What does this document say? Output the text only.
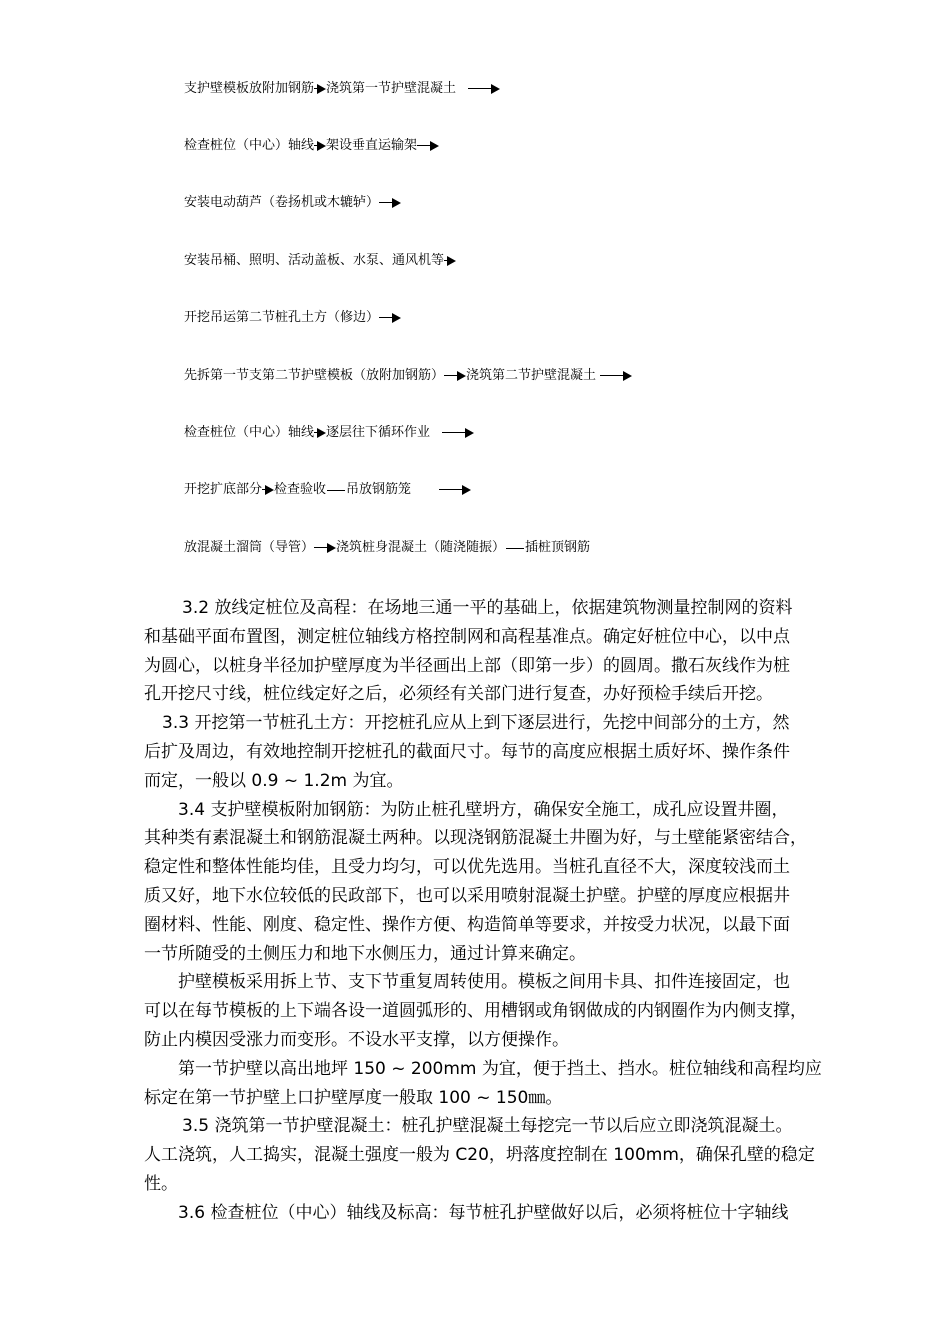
支护壁模板放附加钢筋 浇筑第一节护壁混凝土
检查桩位（中心）轴线 架设垂直运输架
安装电动葫芦（卷扬机或木辘轳）
安装吊桶、照明、活动盖板、水泵、通风机等
开挖吊运第二节桩孔土方（修边）
先拆第一节支第二节护壁模板（放附加钢筋） 浇筑第二节护壁混凝土
检查桩位（中心）轴线 逐层往下循环作业
开挖扩底部分 检查验收 吊放钢筋笼
放混凝土溜筒（导管） 浇筑桩身混凝土（随浇随振） 插桩顶钢筋

3.2 放线定桩位及高程：在场地三通一平的基础上，依据建筑物测量控制网的资料

和基础平面布置图，测定桩位轴线方格控制网和高程基准点。确定好桩位中心，以中点

为圆心，以桩身半径加护壁厚度为半径画出上部（即第一步）的圆周。撒石灰线作为桩

孔开挖尺寸线，桩位线定好之后，必须经有关部门进行复查，办好预检手续后开挖。

3.3 开挖第一节桩孔土方：开挖桩孔应从上到下逐层进行，先挖中间部分的土方，然

后扩及周边，有效地控制开挖桩孔的截面尺寸。每节的高度应根据土质好坏、操作条件

而定，一般以 0.9 ~ 1.2m 为宜。

3.4 支护壁模板附加钢筋：为防止桩孔壁坍方，确保安全施工，成孔应设置井圈，

其种类有素混凝土和钢筋混凝土两种。以现浇钢筋混凝土井圈为好，与土壁能紧密结合，

稳定性和整体性能均佳，且受力均匀，可以优先选用。当桩孔直径不大，深度较浅而土

质又好，地下水位较低的民政部下，也可以采用喷射混凝土护壁。护壁的厚度应根据井

圈材料、性能、刚度、稳定性、操作方便、构造简单等要求，并按受力状况，以最下面

一节所随受的土侧压力和地下水侧压力，通过计算来确定。

护壁模板采用拆上节、支下节重复周转使用。模板之间用卡具、扣件连接固定，也

可以在每节模板的上下端各设一道圆弧形的、用槽钢或角钢做成的内钢圈作为内侧支撑，

防止内模因受涨力而变形。不设水平支撑，以方便操作。

第一节护壁以高出地坪 150 ~ 200mm 为宜，便于挡土、挡水。桩位轴线和高程均应

标定在第一节护壁上口护壁厚度一般取 100 ~ 150㎜。

3.5 浇筑第一节护壁混凝土：桩孔护壁混凝土每挖完一节以后应立即浇筑混凝土。

人工浇筑，人工捣实，混凝土强度一般为 C20，坍落度控制在 100mm，确保孔壁的稳定

性。

3.6 检查桩位（中心）轴线及标高：每节桩孔护壁做好以后，必须将桩位十字轴线
